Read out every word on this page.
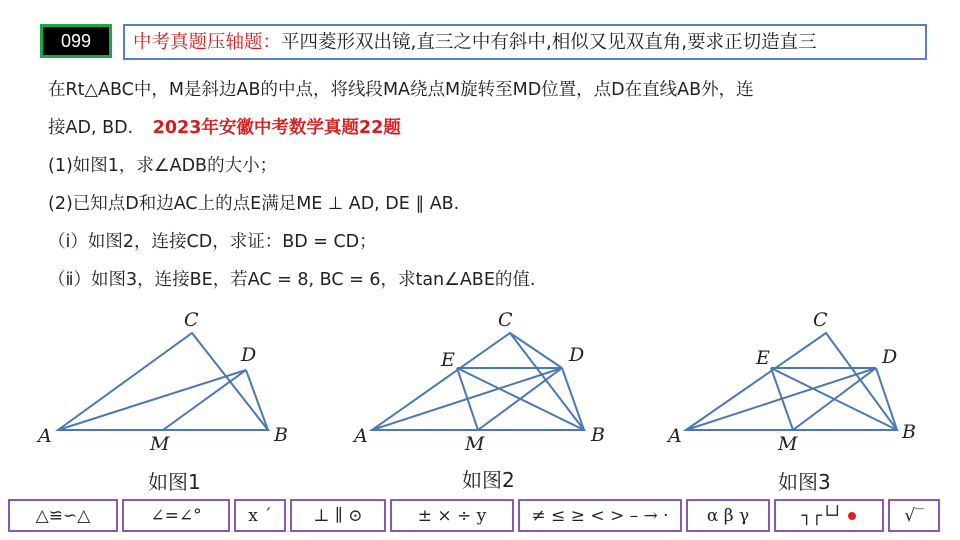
099	中考真题压轴题：平四菱形双出镜,直三之中有斜中,相似又见双直角,要求正切造直三
在Rt△ABC中，M是斜边AB的中点，将线段MA绕点M旋转至MD位置，点D在直线AB外，连
接AD, BD. 2023年安徽中考数学真题22题
(1)如图1，求∠ADB的大小；
(2)已知点D和边AC上的点E满足ME ⊥ AD, DE ∥ AB.
（ⅰ）如图2，连接CD，求证：BD = CD；
（ⅱ）如图3，连接BE，若AC = 8, BC = 6，求tan∠ABE的值.
A
C
D
B
M	A
C
D
E
B
M	A
C
D
E
B
M
如图1	如图2	如图3
△≌∽△	∠=∠°	x ´	⊥ ∥ ⊙	± × ÷ y	≠ ≤ ≥ < > – → ·	α β γ	┐┌└┘	√‾
